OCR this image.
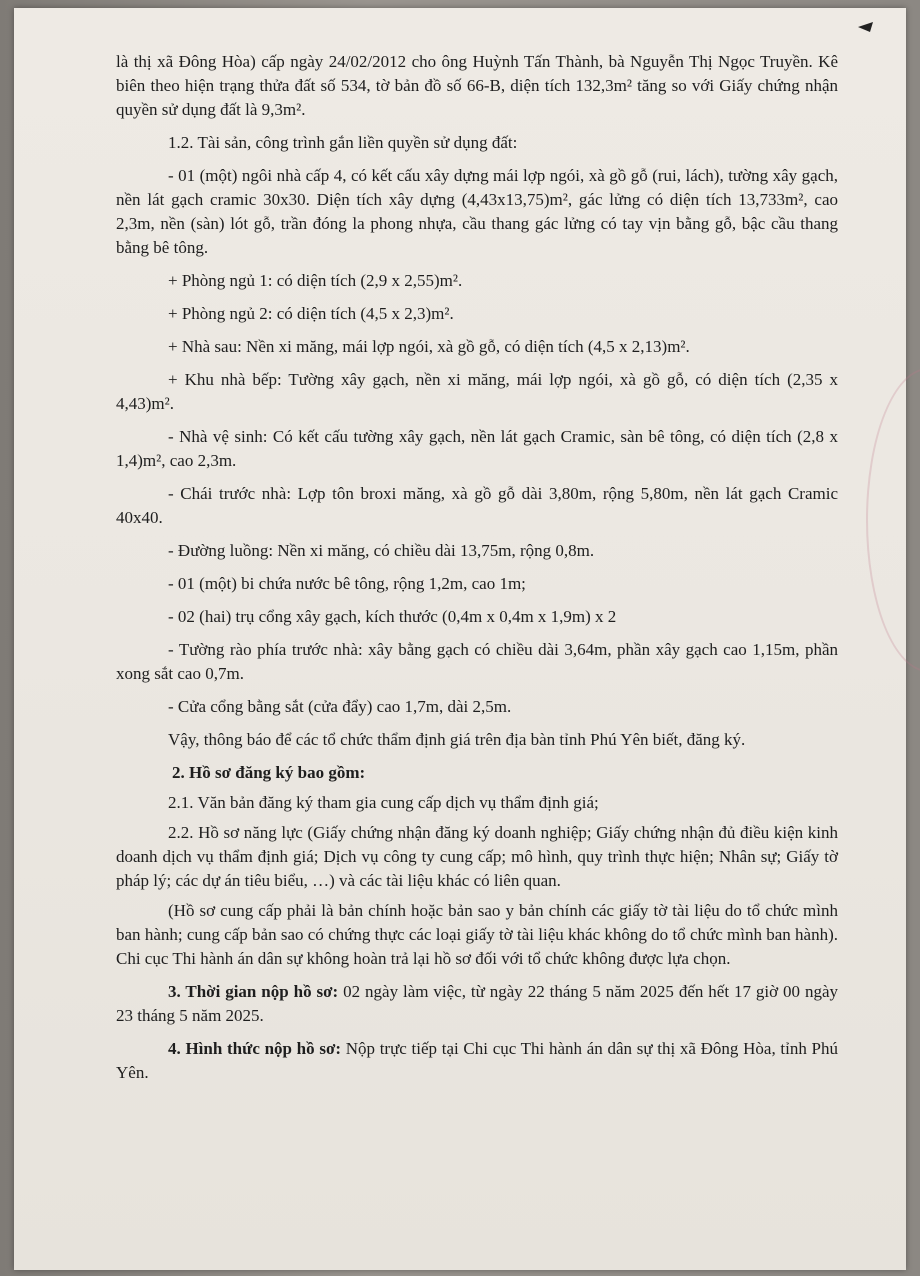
là thị xã Đông Hòa) cấp ngày 24/02/2012 cho ông Huỳnh Tấn Thành, bà Nguyễn Thị Ngọc Truyền. Kê biên theo hiện trạng thửa đất số 534, tờ bản đồ số 66-B, diện tích 132,3m² tăng so với Giấy chứng nhận quyền sử dụng đất là 9,3m².

1.2. Tài sản, công trình gắn liền quyền sử dụng đất:

- 01 (một) ngôi nhà cấp 4, có kết cấu xây dựng mái lợp ngói, xà gồ gỗ (rui, lách), tường xây gạch, nền lát gạch cramic 30x30. Diện tích xây dựng (4,43x13,75)m², gác lửng có diện tích 13,733m², cao 2,3m, nền (sàn) lót gỗ, trần đóng la phong nhựa, cầu thang gác lửng có tay vịn bằng gỗ, bậc cầu thang bằng bê tông.

+ Phòng ngủ 1: có diện tích (2,9 x 2,55)m².

+ Phòng ngủ 2: có diện tích (4,5 x 2,3)m².

+ Nhà sau: Nền xi măng, mái lợp ngói, xà gồ gỗ, có diện tích (4,5 x 2,13)m².

+ Khu nhà bếp: Tường xây gạch, nền xi măng, mái lợp ngói, xà gồ gỗ, có diện tích (2,35 x 4,43)m².

- Nhà vệ sinh: Có kết cấu tường xây gạch, nền lát gạch Cramic, sàn bê tông, có diện tích (2,8 x 1,4)m², cao 2,3m.

- Chái trước nhà: Lợp tôn broxi măng, xà gồ gỗ dài 3,80m, rộng 5,80m, nền lát gạch Cramic 40x40.

- Đường luồng: Nền xi măng, có chiều dài 13,75m, rộng 0,8m.

- 01 (một) bi chứa nước bê tông, rộng 1,2m, cao 1m;

- 02 (hai) trụ cổng xây gạch, kích thước (0,4m x 0,4m x 1,9m) x 2

- Tường rào phía trước nhà: xây bằng gạch có chiều dài 3,64m, phần xây gạch cao 1,15m, phần xong sắt cao 0,7m.

- Cửa cổng bằng sắt (cửa đẩy) cao 1,7m, dài 2,5m.

Vậy, thông báo để các tổ chức thẩm định giá trên địa bàn tỉnh Phú Yên biết, đăng ký.

2. Hồ sơ đăng ký bao gồm:

2.1. Văn bản đăng ký tham gia cung cấp dịch vụ thẩm định giá;

2.2. Hồ sơ năng lực (Giấy chứng nhận đăng ký doanh nghiệp; Giấy chứng nhận đủ điều kiện kinh doanh dịch vụ thẩm định giá; Dịch vụ công ty cung cấp; mô hình, quy trình thực hiện; Nhân sự; Giấy tờ pháp lý; các dự án tiêu biểu, …) và các tài liệu khác có liên quan.

(Hồ sơ cung cấp phải là bản chính hoặc bản sao y bản chính các giấy tờ tài liệu do tổ chức mình ban hành; cung cấp bản sao có chứng thực các loại giấy tờ tài liệu khác không do tổ chức mình ban hành). Chi cục Thi hành án dân sự không hoàn trả lại hồ sơ đối với tổ chức không được lựa chọn.

3. Thời gian nộp hồ sơ: 02 ngày làm việc, từ ngày 22 tháng 5 năm 2025 đến hết 17 giờ 00 ngày 23 tháng 5 năm 2025.

4. Hình thức nộp hồ sơ: Nộp trực tiếp tại Chi cục Thi hành án dân sự thị xã Đông Hòa, tỉnh Phú Yên.
